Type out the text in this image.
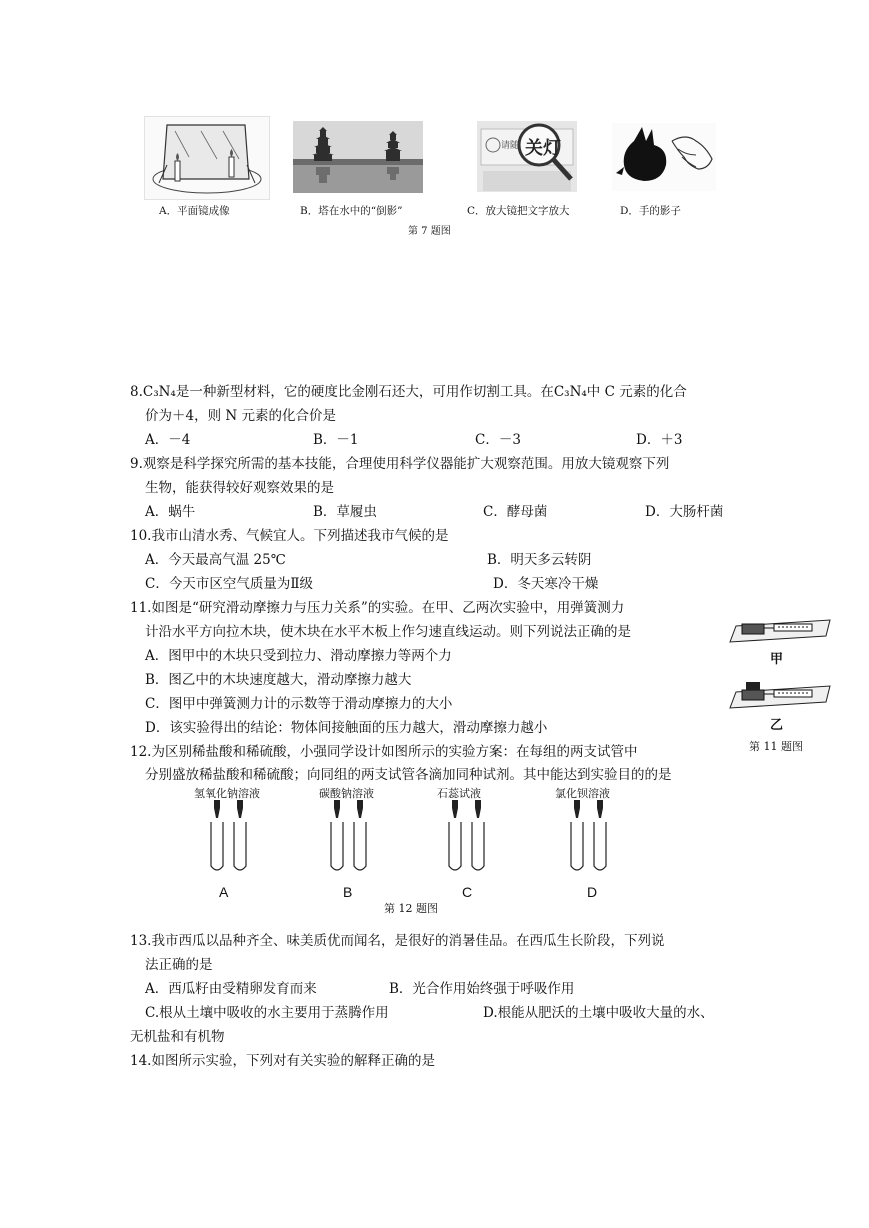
请随 关灯
A．平面镜成像	B．塔在水中的“倒影”	C．放大镜把文字放大	D．手的影子
第 7 题图
8.C₃N₄是一种新型材料，它的硬度比金刚石还大，可用作切割工具。在C₃N₄中 C 元素的化合
价为＋4，则 N 元素的化合价是
A．－4	B．－1	C．－3	D．＋3
9.观察是科学探究所需的基本技能，合理使用科学仪器能扩大观察范围。用放大镜观察下列
生物，能获得较好观察效果的是
A．蜗牛	B．草履虫	C．酵母菌	D．大肠杆菌
10.我市山清水秀、气候宜人。下列描述我市气候的是
A．今天最高气温 25℃	B．明天多云转阴
C．今天市区空气质量为Ⅱ级	D．冬天寒冷干燥
11.如图是“研究滑动摩擦力与压力关系”的实验。在甲、乙两次实验中，用弹簧测力
计沿水平方向拉木块，使木块在水平木板上作匀速直线运动。则下列说法正确的是
A．图甲中的木块只受到拉力、滑动摩擦力等两个力
B．图乙中的木块速度越大，滑动摩擦力越大
C．图甲中弹簧测力计的示数等于滑动摩擦力的大小
D．该实验得出的结论：物体间接触面的压力越大，滑动摩擦力越小
甲
乙
第 11 题图
12.为区别稀盐酸和稀硫酸，小强同学设计如图所示的实验方案：在每组的两支试管中
分别盛放稀盐酸和稀硫酸；向同组的两支试管各滴加同种试剂。其中能达到实验目的的是
氢氧化钠溶液	碳酸钠溶液	石蕊试液	氯化钡溶液
A	B	C	D
第 12 题图
13.我市西瓜以品种齐全、味美质优而闻名，是很好的消暑佳品。在西瓜生长阶段，下列说
法正确的是
A．西瓜籽由受精卵发育而来	B．光合作用始终强于呼吸作用
C.根从土壤中吸收的水主要用于蒸腾作用	D.根能从肥沃的土壤中吸收大量的水、
无机盐和有机物
14.如图所示实验，下列对有关实验的解释正确的是
